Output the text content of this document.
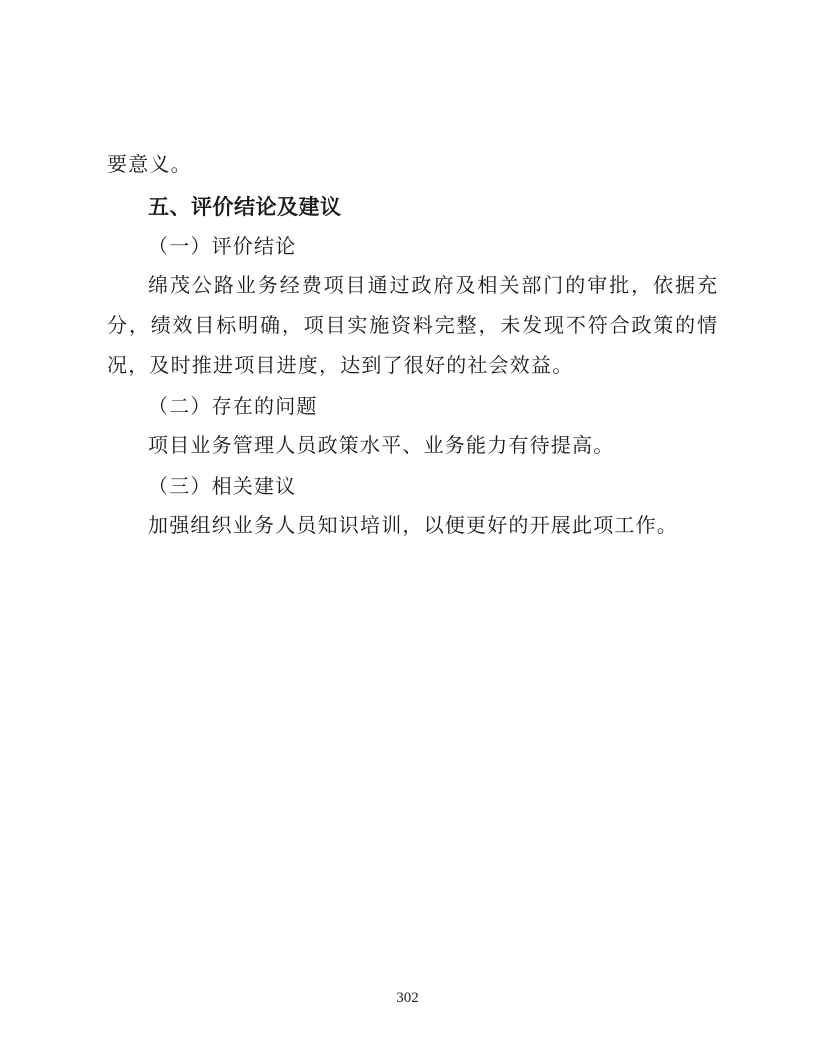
要意义。
五、评价结论及建议
（一）评价结论
绵茂公路业务经费项目通过政府及相关部门的审批，依据充
分，绩效目标明确，项目实施资料完整，未发现不符合政策的情
况，及时推进项目进度，达到了很好的社会效益。
（二）存在的问题
项目业务管理人员政策水平、业务能力有待提高。
（三）相关建议
加强组织业务人员知识培训，以便更好的开展此项工作。
302
